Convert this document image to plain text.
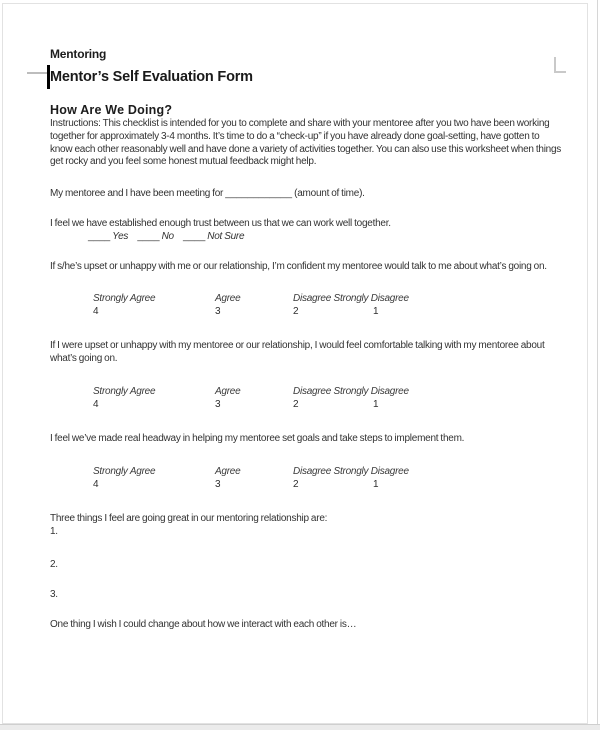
Mentoring
Mentor’s Self Evaluation Form
How Are We Doing?

Instructions: This checklist is intended for you to complete and share with your mentoree after you two have been working together for approximately 3-4 months. It’s time to do a “check-up” if you have already done goal-setting, have gotten to know each other reasonably well and have done a variety of activities together. You can also use this worksheet when things get rocky and you feel some honest mutual feedback might help.

My mentoree and I have been meeting for ____________ (amount of time).

I feel we have established enough trust between us that we can work well together.

____ Yes ____ No ____ Not Sure

If s/he’s upset or unhappy with me or our relationship, I’m confident my mentoree would talk to me about what’s going on.

Strongly Agree	Agree	Disagree Strongly Disagree
4	3	2	1

If I were upset or unhappy with my mentoree or our relationship, I would feel comfortable talking with my mentoree about what’s going on.

Strongly Agree	Agree	Disagree Strongly Disagree
4	3	2	1

I feel we’ve made real headway in helping my mentoree set goals and take steps to implement them.

Strongly Agree	Agree	Disagree Strongly Disagree
4	3	2	1

Three things I feel are going great in our mentoring relationship are:

1.

2.

3.

One thing I wish I could change about how we interact with each other is…
